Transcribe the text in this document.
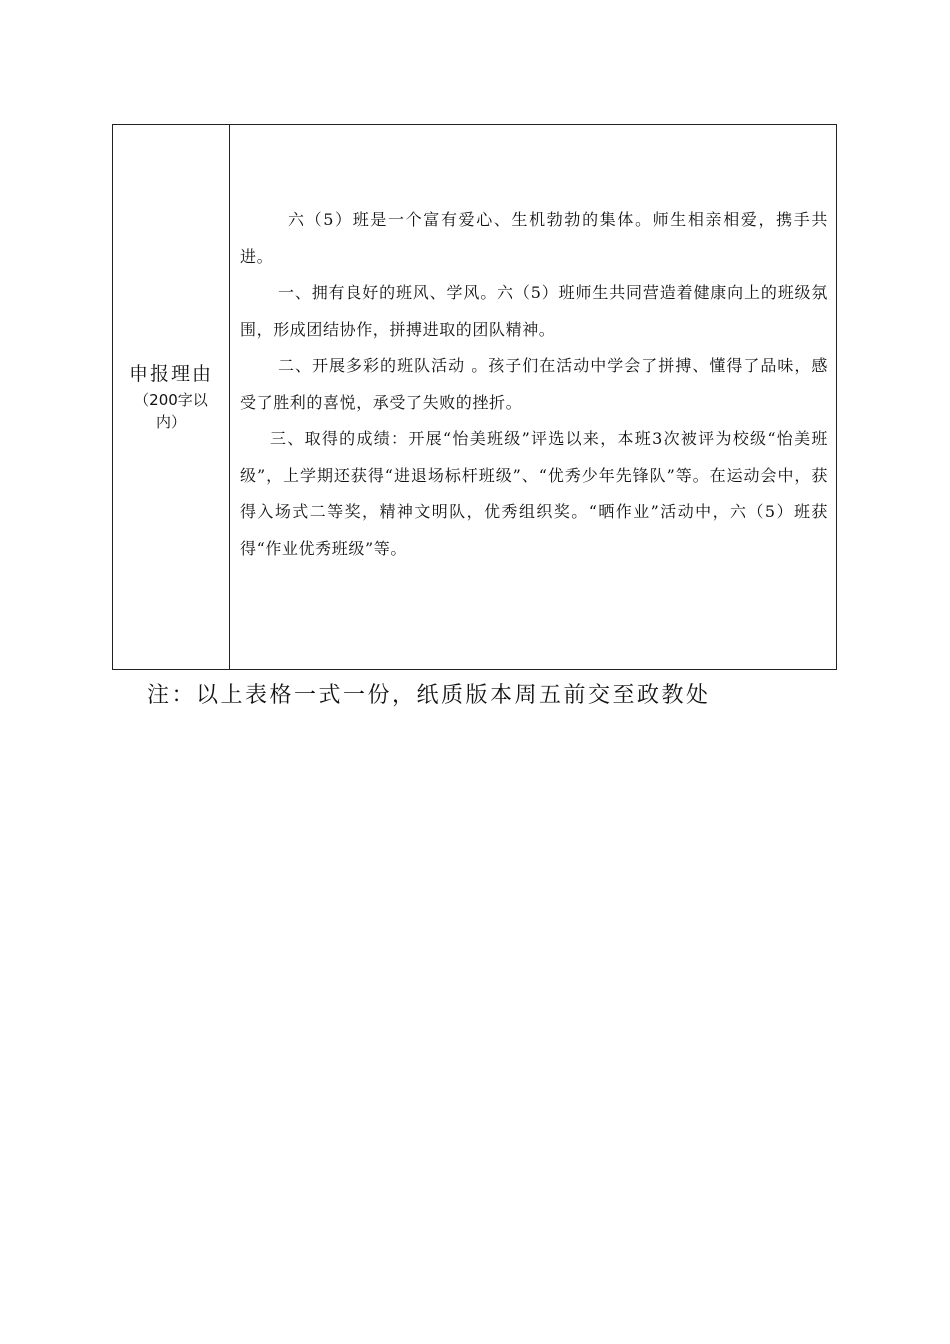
申报理由
（200字以内）

六（5）班是一个富有爱心、生机勃勃的集体。师生相亲相爱，携手共进。

一、拥有良好的班风、学风。六（5）班师生共同营造着健康向上的班级氛围，形成团结协作，拼搏进取的团队精神。

二、开展多彩的班队活动 。孩子们在活动中学会了拼搏、懂得了品味，感受了胜利的喜悦，承受了失败的挫折。

三、取得的成绩：开展“怡美班级”评选以来，本班3次被评为校级“怡美班级”，上学期还获得“进退场标杆班级”、“优秀少年先锋队”等。在运动会中，获得入场式二等奖，精神文明队，优秀组织奖。“晒作业”活动中，六（5）班获得“作业优秀班级”等。

注：以上表格一式一份，纸质版本周五前交至政教处
